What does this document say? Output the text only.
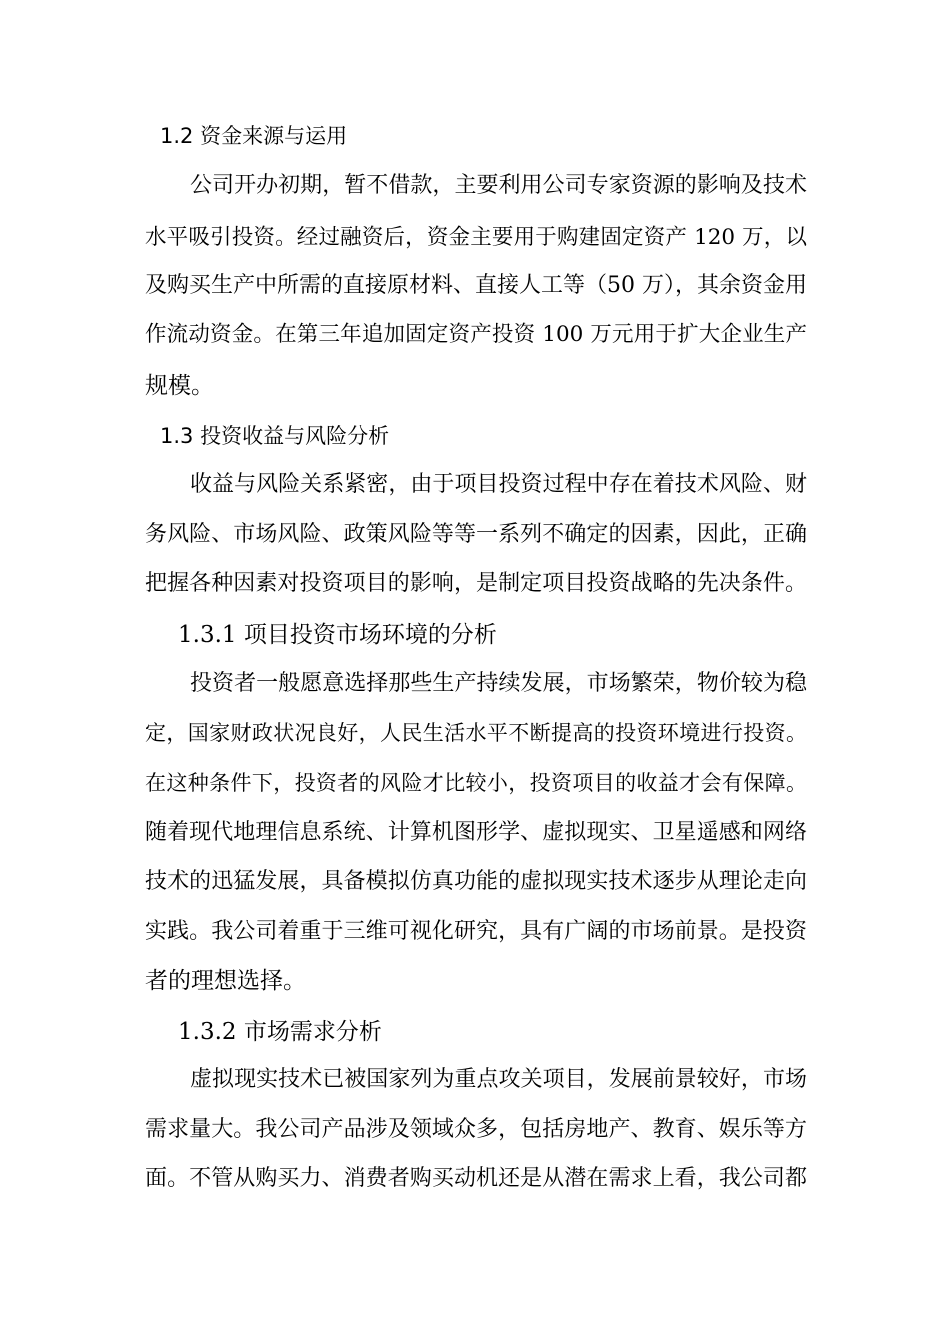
1.2 资金来源与运用
公司开办初期，暂不借款，主要利用公司专家资源的影响及技术
水平吸引投资。经过融资后，资金主要用于购建固定资产 120 万，以
及购买生产中所需的直接原材料、直接人工等（50 万），其余资金用
作流动资金。在第三年追加固定资产投资 100 万元用于扩大企业生产
规模。
1.3 投资收益与风险分析
收益与风险关系紧密，由于项目投资过程中存在着技术风险、财
务风险、市场风险、政策风险等等一系列不确定的因素，因此，正确
把握各种因素对投资项目的影响，是制定项目投资战略的先决条件。
1.3.1 项目投资市场环境的分析
投资者一般愿意选择那些生产持续发展，市场繁荣，物价较为稳
定，国家财政状况良好，人民生活水平不断提高的投资环境进行投资。
在这种条件下，投资者的风险才比较小，投资项目的收益才会有保障。
随着现代地理信息系统、计算机图形学、虚拟现实、卫星遥感和网络
技术的迅猛发展，具备模拟仿真功能的虚拟现实技术逐步从理论走向
实践。我公司着重于三维可视化研究，具有广阔的市场前景。是投资
者的理想选择。
1.3.2 市场需求分析
虚拟现实技术已被国家列为重点攻关项目，发展前景较好，市场
需求量大。我公司产品涉及领域众多，包括房地产、教育、娱乐等方
面。不管从购买力、消费者购买动机还是从潜在需求上看，我公司都
